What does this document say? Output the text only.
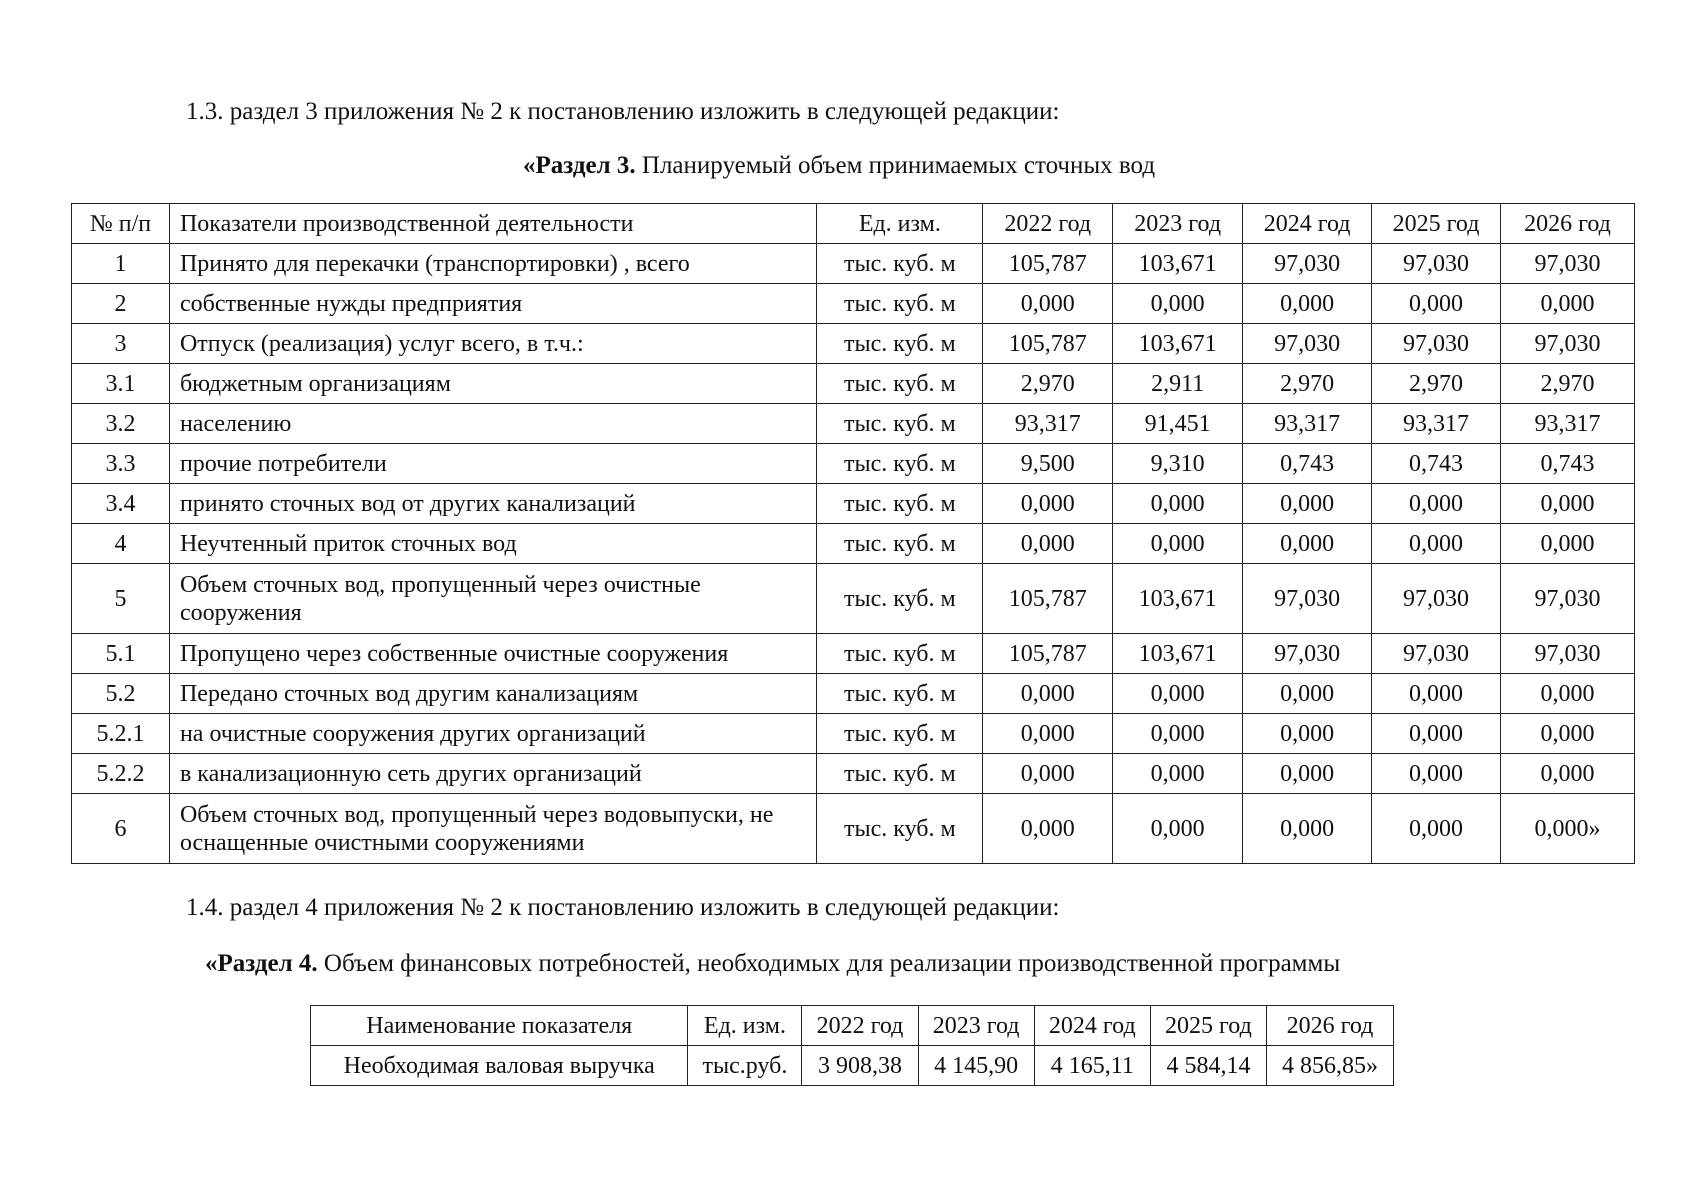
1.3. раздел 3 приложения № 2 к постановлению изложить в следующей редакции:
«Раздел 3. Планируемый объем принимаемых сточных вод
№ п/п	Показатели производственной деятельности	Ед. изм.	2022 год	2023 год	2024 год	2025 год	2026 год
1	Принято для перекачки (транспортировки) , всего	тыс. куб. м	105,787	103,671	97,030	97,030	97,030
2	собственные нужды предприятия	тыс. куб. м	0,000	0,000	0,000	0,000	0,000
3	Отпуск (реализация) услуг всего, в т.ч.:	тыс. куб. м	105,787	103,671	97,030	97,030	97,030
3.1	бюджетным организациям	тыс. куб. м	2,970	2,911	2,970	2,970	2,970
3.2	населению	тыс. куб. м	93,317	91,451	93,317	93,317	93,317
3.3	прочие потребители	тыс. куб. м	9,500	9,310	0,743	0,743	0,743
3.4	принято сточных вод от других канализаций	тыс. куб. м	0,000	0,000	0,000	0,000	0,000
4	Неучтенный приток сточных вод	тыс. куб. м	0,000	0,000	0,000	0,000	0,000
5	Объем сточных вод, пропущенный через очистные сооружения	тыс. куб. м	105,787	103,671	97,030	97,030	97,030
5.1	Пропущено через собственные очистные сооружения	тыс. куб. м	105,787	103,671	97,030	97,030	97,030
5.2	Передано сточных вод другим канализациям	тыс. куб. м	0,000	0,000	0,000	0,000	0,000
5.2.1	на очистные сооружения других организаций	тыс. куб. м	0,000	0,000	0,000	0,000	0,000
5.2.2	в канализационную сеть других организаций	тыс. куб. м	0,000	0,000	0,000	0,000	0,000
6	Объем сточных вод, пропущенный через водовыпуски, не оснащенные очистными сооружениями	тыс. куб. м	0,000	0,000	0,000	0,000	0,000»
1.4. раздел 4 приложения № 2 к постановлению изложить в следующей редакции:
«Раздел 4. Объем финансовых потребностей, необходимых для реализации производственной программы
Наименование показателя	Ед. изм.	2022 год	2023 год	2024 год	2025 год	2026 год
Необходимая валовая выручка	тыс.руб.	3 908,38	4 145,90	4 165,11	4 584,14	4 856,85»
